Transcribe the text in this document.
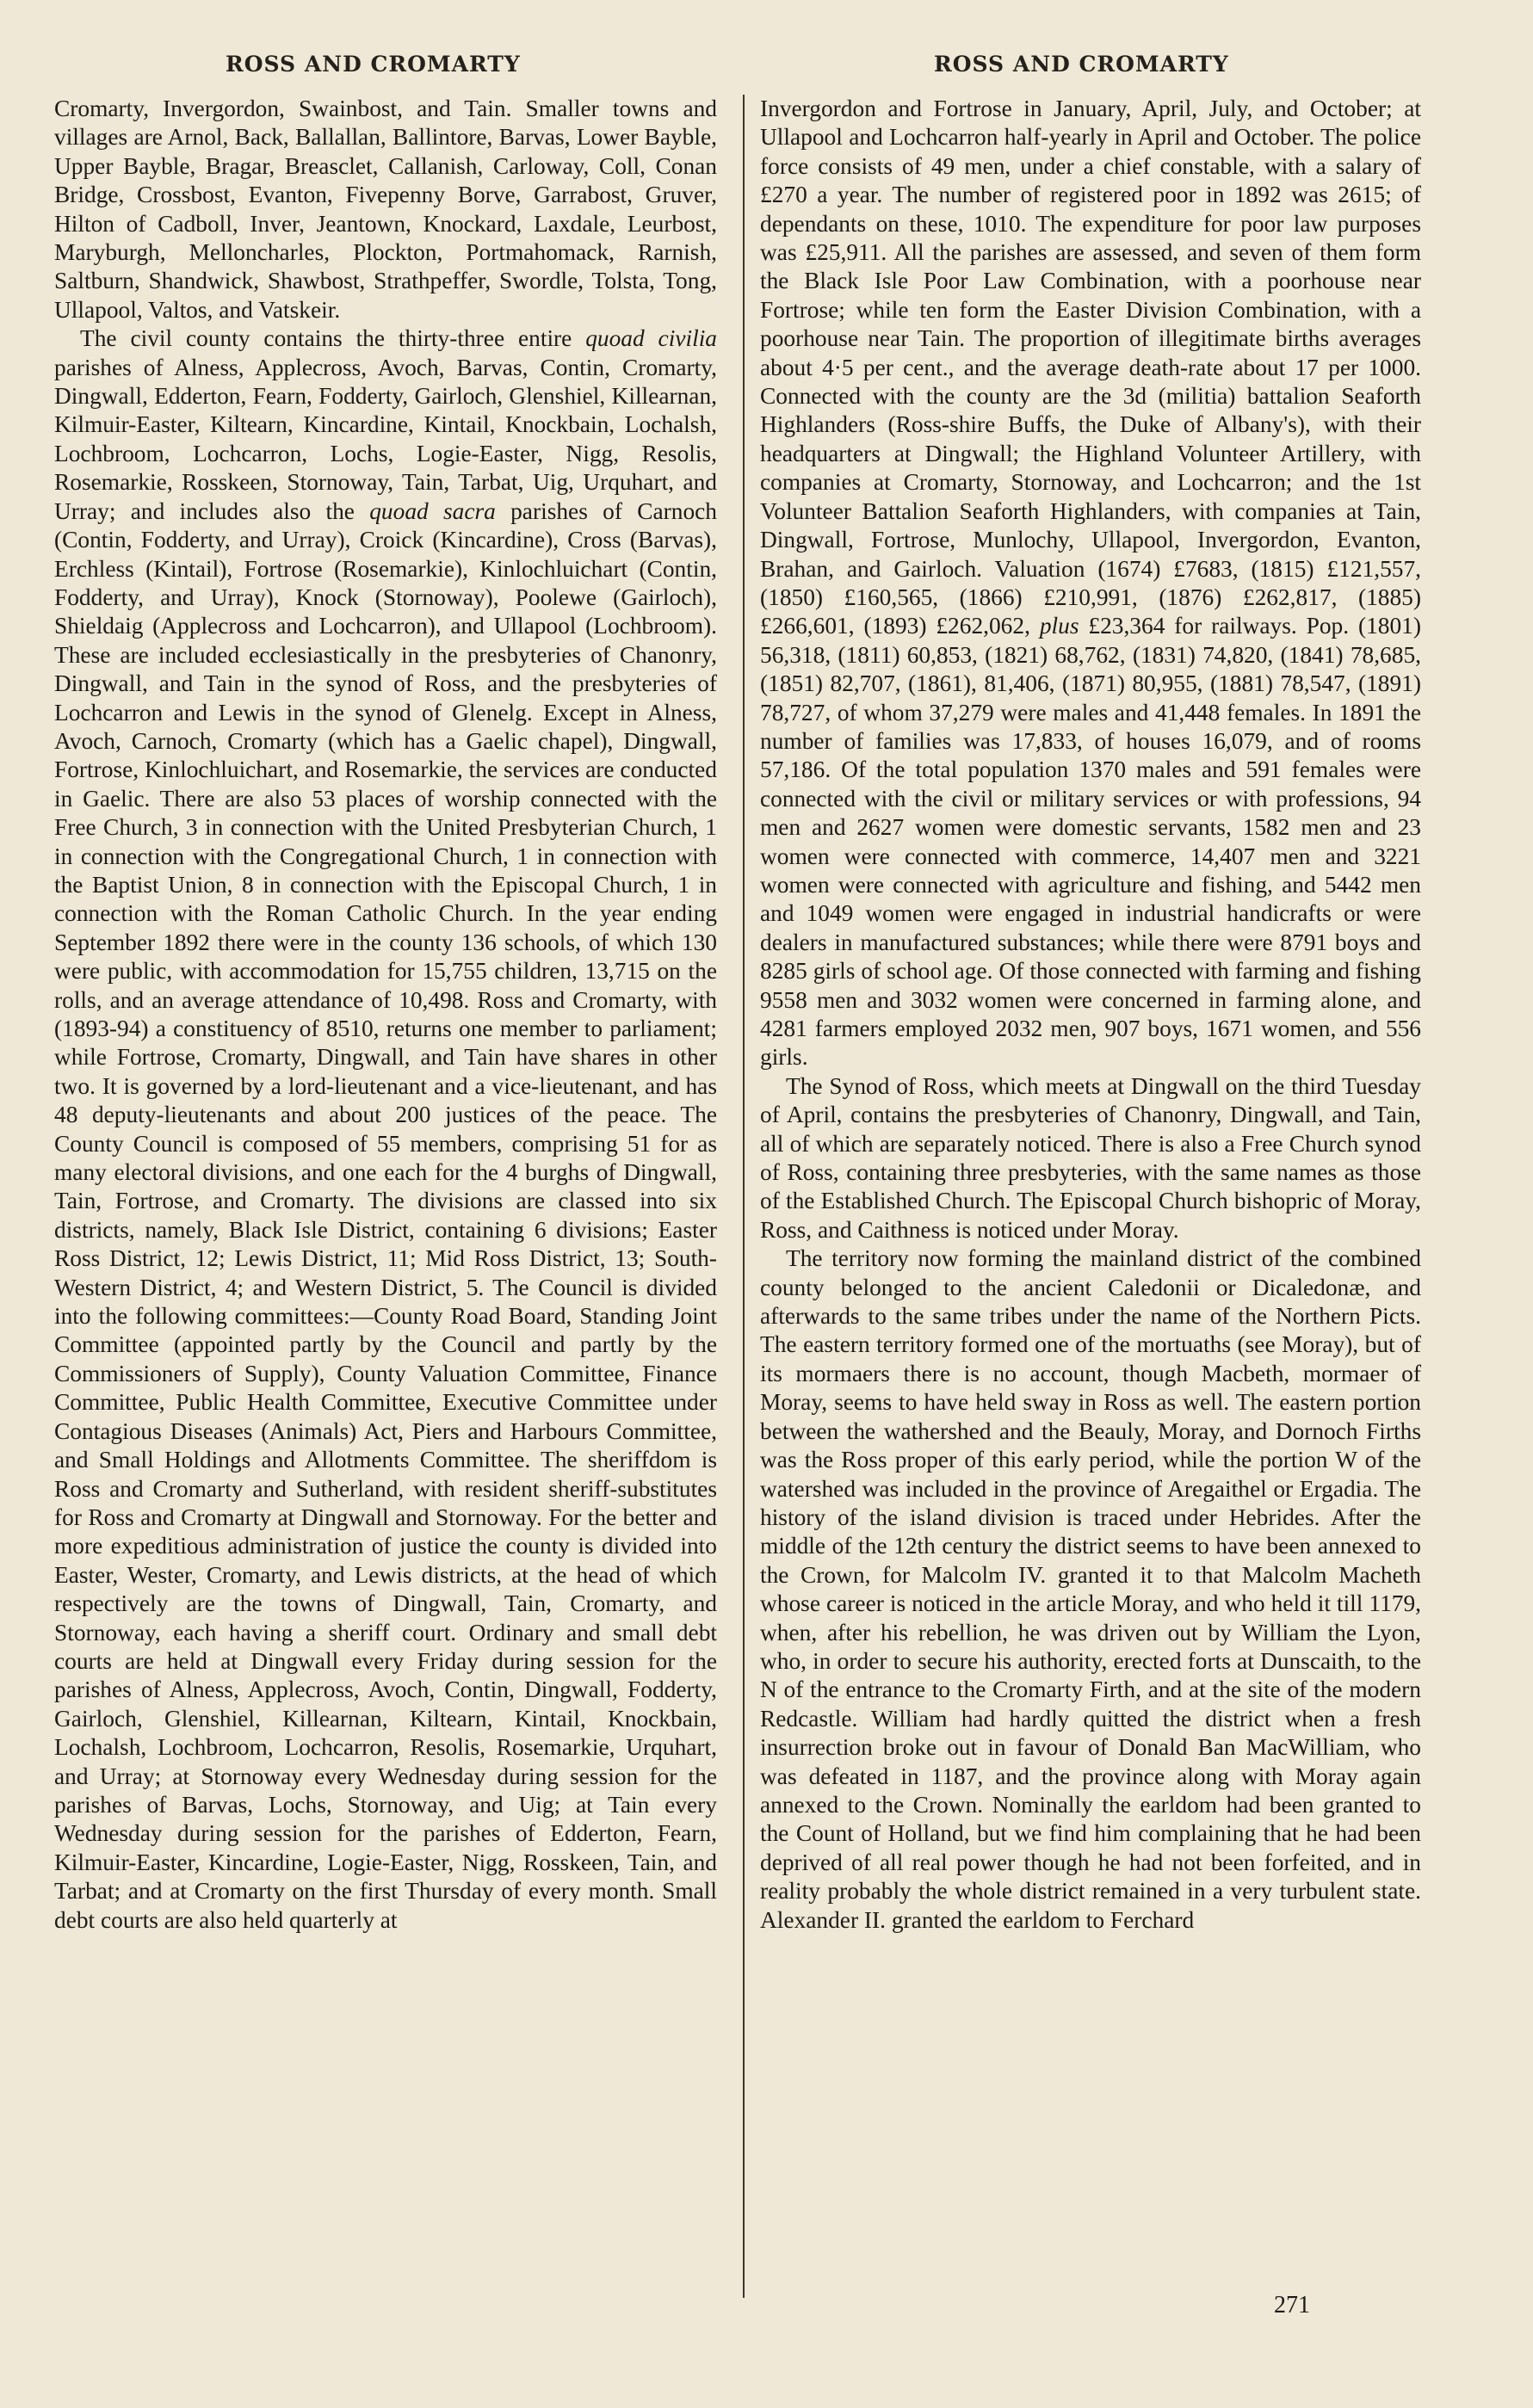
ROSS AND CROMARTY	ROSS AND CROMARTY

Cromarty, Invergordon, Swainbost, and Tain. Smaller towns and villages are Arnol, Back, Ballallan, Ballintore, Barvas, Lower Bayble, Upper Bayble, Bragar, Breasclet, Callanish, Carloway, Coll, Conan Bridge, Crossbost, Evanton, Fivepenny Borve, Garrabost, Gruver, Hilton of Cadboll, Inver, Jeantown, Knockard, Laxdale, Leurbost, Maryburgh, Melloncharles, Plockton, Portmahomack, Rarnish, Saltburn, Shandwick, Shawbost, Strathpeffer, Swordle, Tolsta, Tong, Ullapool, Valtos, and Vatskeir.

The civil county contains the thirty-three entire quoad civilia parishes of Alness, Applecross, Avoch, Barvas, Contin, Cromarty, Dingwall, Edderton, Fearn, Fodderty, Gairloch, Glenshiel, Killearnan, Kilmuir-Easter, Kiltearn, Kincardine, Kintail, Knockbain, Lochalsh, Lochbroom, Lochcarron, Lochs, Logie-Easter, Nigg, Resolis, Rosemarkie, Rosskeen, Stornoway, Tain, Tarbat, Uig, Urquhart, and Urray; and includes also the quoad sacra parishes of Carnoch (Contin, Fodderty, and Urray), Croick (Kincardine), Cross (Barvas), Erchless (Kintail), Fortrose (Rosemarkie), Kinlochluichart (Contin, Fodderty, and Urray), Knock (Stornoway), Poolewe (Gairloch), Shieldaig (Applecross and Lochcarron), and Ullapool (Lochbroom). These are included ecclesiastically in the presbyteries of Chanonry, Dingwall, and Tain in the synod of Ross, and the presbyteries of Lochcarron and Lewis in the synod of Glenelg. Except in Alness, Avoch, Carnoch, Cromarty (which has a Gaelic chapel), Dingwall, Fortrose, Kinlochluichart, and Rosemarkie, the services are conducted in Gaelic. There are also 53 places of worship connected with the Free Church, 3 in connection with the United Presbyterian Church, 1 in connection with the Congregational Church, 1 in connection with the Baptist Union, 8 in connection with the Episcopal Church, 1 in connection with the Roman Catholic Church. In the year ending September 1892 there were in the county 136 schools, of which 130 were public, with accommodation for 15,755 children, 13,715 on the rolls, and an average attendance of 10,498. Ross and Cromarty, with (1893-94) a constituency of 8510, returns one member to parliament; while Fortrose, Cromarty, Dingwall, and Tain have shares in other two. It is governed by a lord-lieutenant and a vice-lieutenant, and has 48 deputy-lieutenants and about 200 justices of the peace. The County Council is composed of 55 members, comprising 51 for as many electoral divisions, and one each for the 4 burghs of Dingwall, Tain, Fortrose, and Cromarty. The divisions are classed into six districts, namely, Black Isle District, containing 6 divisions; Easter Ross District, 12; Lewis District, 11; Mid Ross District, 13; South-Western District, 4; and Western District, 5. The Council is divided into the following committees:—County Road Board, Standing Joint Committee (appointed partly by the Council and partly by the Commissioners of Supply), County Valuation Committee, Finance Committee, Public Health Committee, Executive Committee under Contagious Diseases (Animals) Act, Piers and Harbours Committee, and Small Holdings and Allotments Committee. The sheriffdom is Ross and Cromarty and Sutherland, with resident sheriff-substitutes for Ross and Cromarty at Dingwall and Stornoway. For the better and more expeditious administration of justice the county is divided into Easter, Wester, Cromarty, and Lewis districts, at the head of which respectively are the towns of Dingwall, Tain, Cromarty, and Stornoway, each having a sheriff court. Ordinary and small debt courts are held at Dingwall every Friday during session for the parishes of Alness, Applecross, Avoch, Contin, Dingwall, Fodderty, Gairloch, Glenshiel, Killearnan, Kiltearn, Kintail, Knockbain, Lochalsh, Lochbroom, Lochcarron, Resolis, Rosemarkie, Urquhart, and Urray; at Stornoway every Wednesday during session for the parishes of Barvas, Lochs, Stornoway, and Uig; at Tain every Wednesday during session for the parishes of Edderton, Fearn, Kilmuir-Easter, Kincardine, Logie-Easter, Nigg, Rosskeen, Tain, and Tarbat; and at Cromarty on the first Thursday of every month. Small debt courts are also held quarterly at

Invergordon and Fortrose in January, April, July, and October; at Ullapool and Lochcarron half-yearly in April and October. The police force consists of 49 men, under a chief constable, with a salary of £270 a year. The number of registered poor in 1892 was 2615; of dependants on these, 1010. The expenditure for poor law purposes was £25,911. All the parishes are assessed, and seven of them form the Black Isle Poor Law Combination, with a poorhouse near Fortrose; while ten form the Easter Division Combination, with a poorhouse near Tain. The proportion of illegitimate births averages about 4·5 per cent., and the average death-rate about 17 per 1000. Connected with the county are the 3d (militia) battalion Seaforth Highlanders (Ross-shire Buffs, the Duke of Albany's), with their headquarters at Dingwall; the Highland Volunteer Artillery, with companies at Cromarty, Stornoway, and Lochcarron; and the 1st Volunteer Battalion Seaforth Highlanders, with companies at Tain, Dingwall, Fortrose, Munlochy, Ullapool, Invergordon, Evanton, Brahan, and Gairloch. Valuation (1674) £7683, (1815) £121,557, (1850) £160,565, (1866) £210,991, (1876) £262,817, (1885) £266,601, (1893) £262,062, plus £23,364 for railways. Pop. (1801) 56,318, (1811) 60,853, (1821) 68,762, (1831) 74,820, (1841) 78,685, (1851) 82,707, (1861), 81,406, (1871) 80,955, (1881) 78,547, (1891) 78,727, of whom 37,279 were males and 41,448 females. In 1891 the number of families was 17,833, of houses 16,079, and of rooms 57,186. Of the total population 1370 males and 591 females were connected with the civil or military services or with professions, 94 men and 2627 women were domestic servants, 1582 men and 23 women were connected with commerce, 14,407 men and 3221 women were connected with agriculture and fishing, and 5442 men and 1049 women were engaged in industrial handicrafts or were dealers in manufactured substances; while there were 8791 boys and 8285 girls of school age. Of those connected with farming and fishing 9558 men and 3032 women were concerned in farming alone, and 4281 farmers employed 2032 men, 907 boys, 1671 women, and 556 girls.

The Synod of Ross, which meets at Dingwall on the third Tuesday of April, contains the presbyteries of Chanonry, Dingwall, and Tain, all of which are separately noticed. There is also a Free Church synod of Ross, containing three presbyteries, with the same names as those of the Established Church. The Episcopal Church bishopric of Moray, Ross, and Caithness is noticed under Moray.

The territory now forming the mainland district of the combined county belonged to the ancient Caledonii or Dicaledonæ, and afterwards to the same tribes under the name of the Northern Picts. The eastern territory formed one of the mortuaths (see Moray), but of its mormaers there is no account, though Macbeth, mormaer of Moray, seems to have held sway in Ross as well. The eastern portion between the wathershed and the Beauly, Moray, and Dornoch Firths was the Ross proper of this early period, while the portion W of the watershed was included in the province of Aregaithel or Ergadia. The history of the island division is traced under Hebrides. After the middle of the 12th century the district seems to have been annexed to the Crown, for Malcolm IV. granted it to that Malcolm Macheth whose career is noticed in the article Moray, and who held it till 1179, when, after his rebellion, he was driven out by William the Lyon, who, in order to secure his authority, erected forts at Dunscaith, to the N of the entrance to the Cromarty Firth, and at the site of the modern Redcastle. William had hardly quitted the district when a fresh insurrection broke out in favour of Donald Ban MacWilliam, who was defeated in 1187, and the province along with Moray again annexed to the Crown. Nominally the earldom had been granted to the Count of Holland, but we find him complaining that he had been deprived of all real power though he had not been forfeited, and in reality probably the whole district remained in a very turbulent state. Alexander II. granted the earldom to Ferchard

271
